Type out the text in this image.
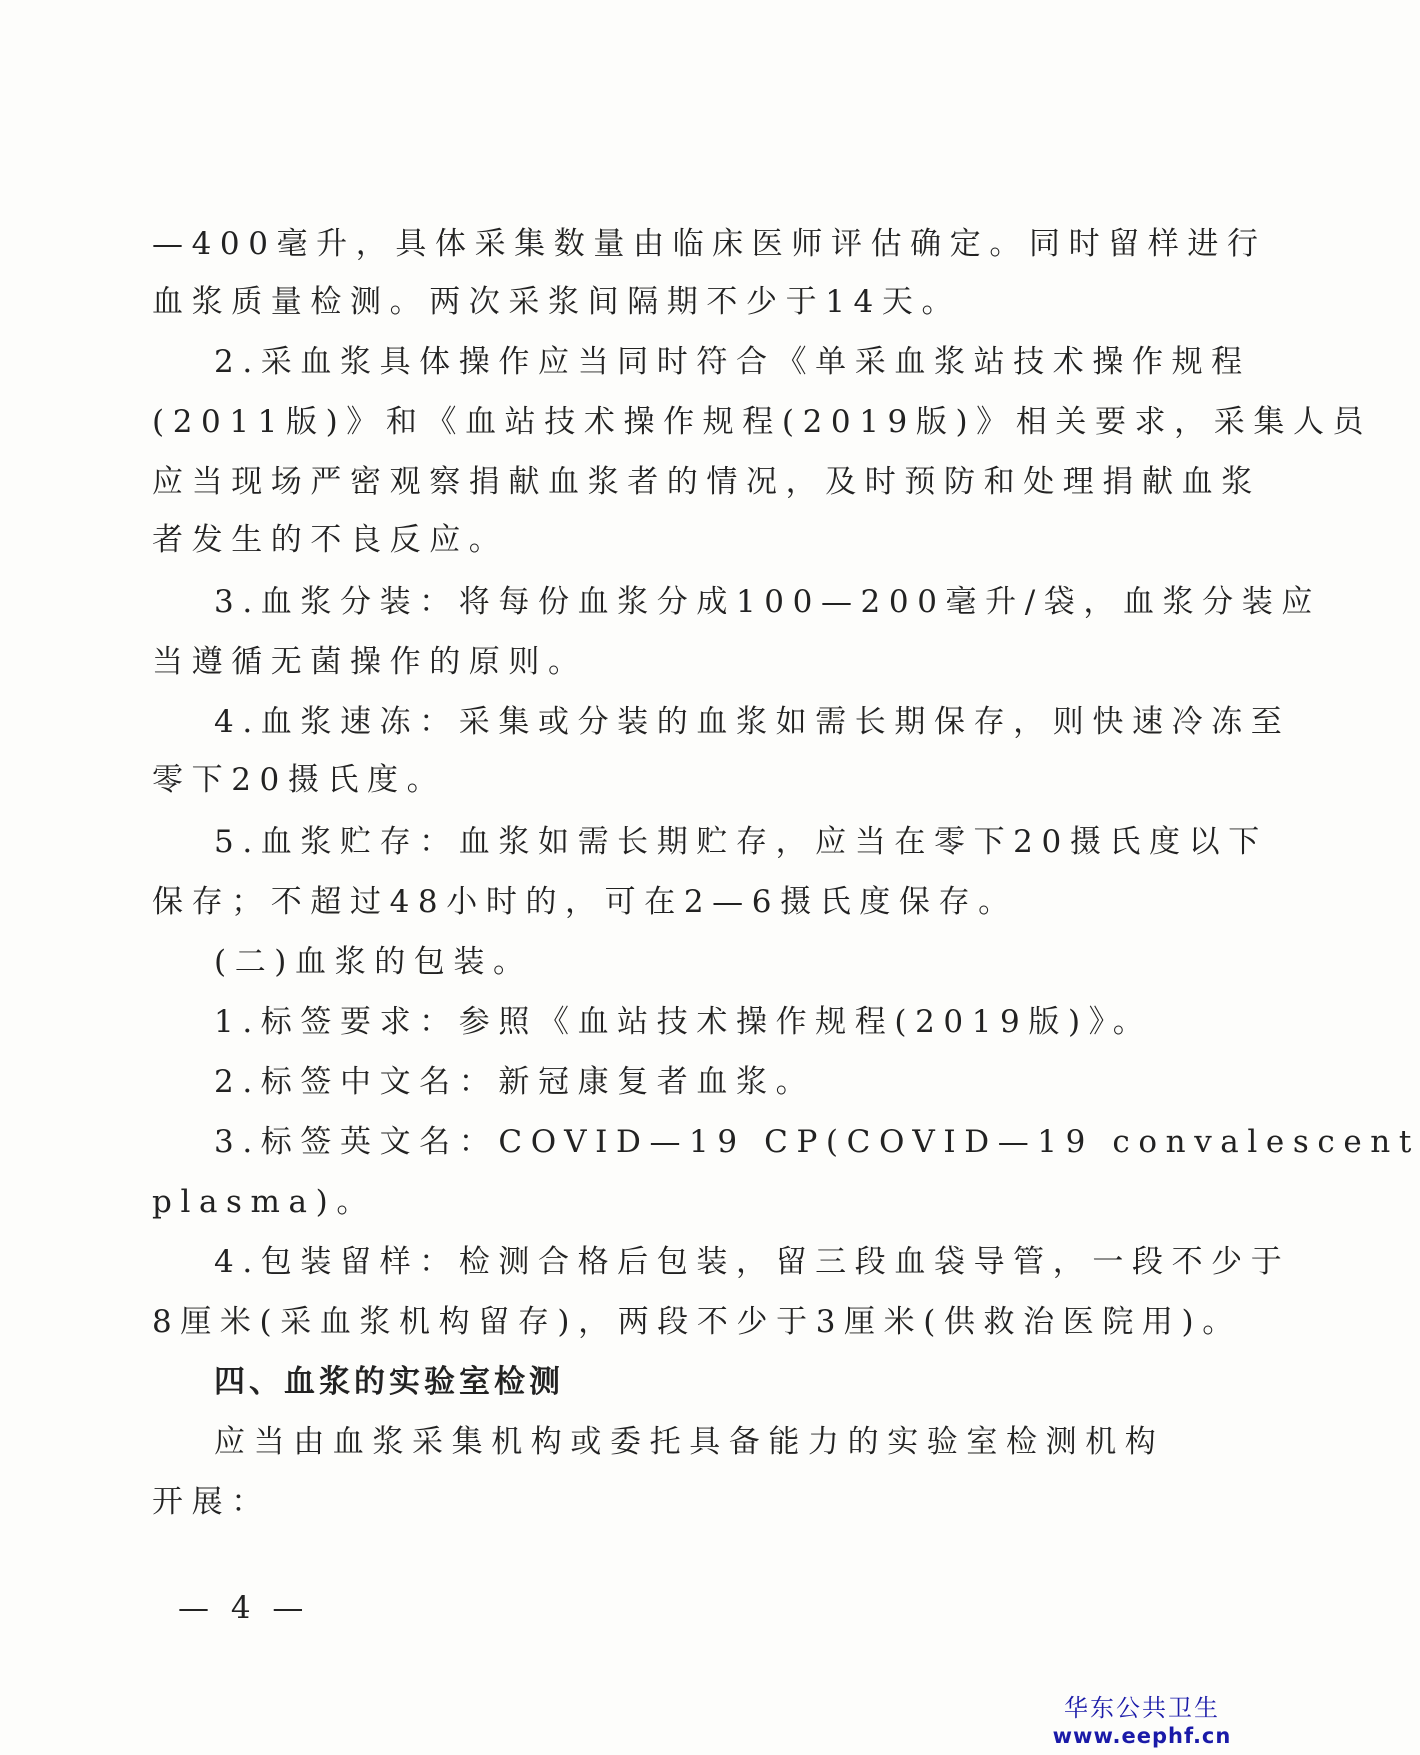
—400毫升，具体采集数量由临床医师评估确定。同时留样进行
血浆质量检测。两次采浆间隔期不少于14天。
2.采血浆具体操作应当同时符合《单采血浆站技术操作规程
(2011版)》和《血站技术操作规程(2019版)》相关要求，采集人员
应当现场严密观察捐献血浆者的情况，及时预防和处理捐献血浆
者发生的不良反应。
3.血浆分装：将每份血浆分成100—200毫升/袋，血浆分装应
当遵循无菌操作的原则。
4.血浆速冻：采集或分装的血浆如需长期保存，则快速冷冻至
零下20摄氏度。
5.血浆贮存：血浆如需长期贮存，应当在零下20摄氏度以下
保存；不超过48小时的，可在2—6摄氏度保存。
(二)血浆的包装。
1.标签要求：参照《血站技术操作规程(2019版)》。
2.标签中文名：新冠康复者血浆。
3.标签英文名：COVID—19 CP(COVID—19 convalescent
plasma)。
4.包装留样：检测合格后包装，留三段血袋导管，一段不少于
8厘米(采血浆机构留存)，两段不少于3厘米(供救治医院用)。
四、血浆的实验室检测
应当由血浆采集机构或委托具备能力的实验室检测机构
开展：
— 4 —
华东公共卫生
www.eephf.cn
